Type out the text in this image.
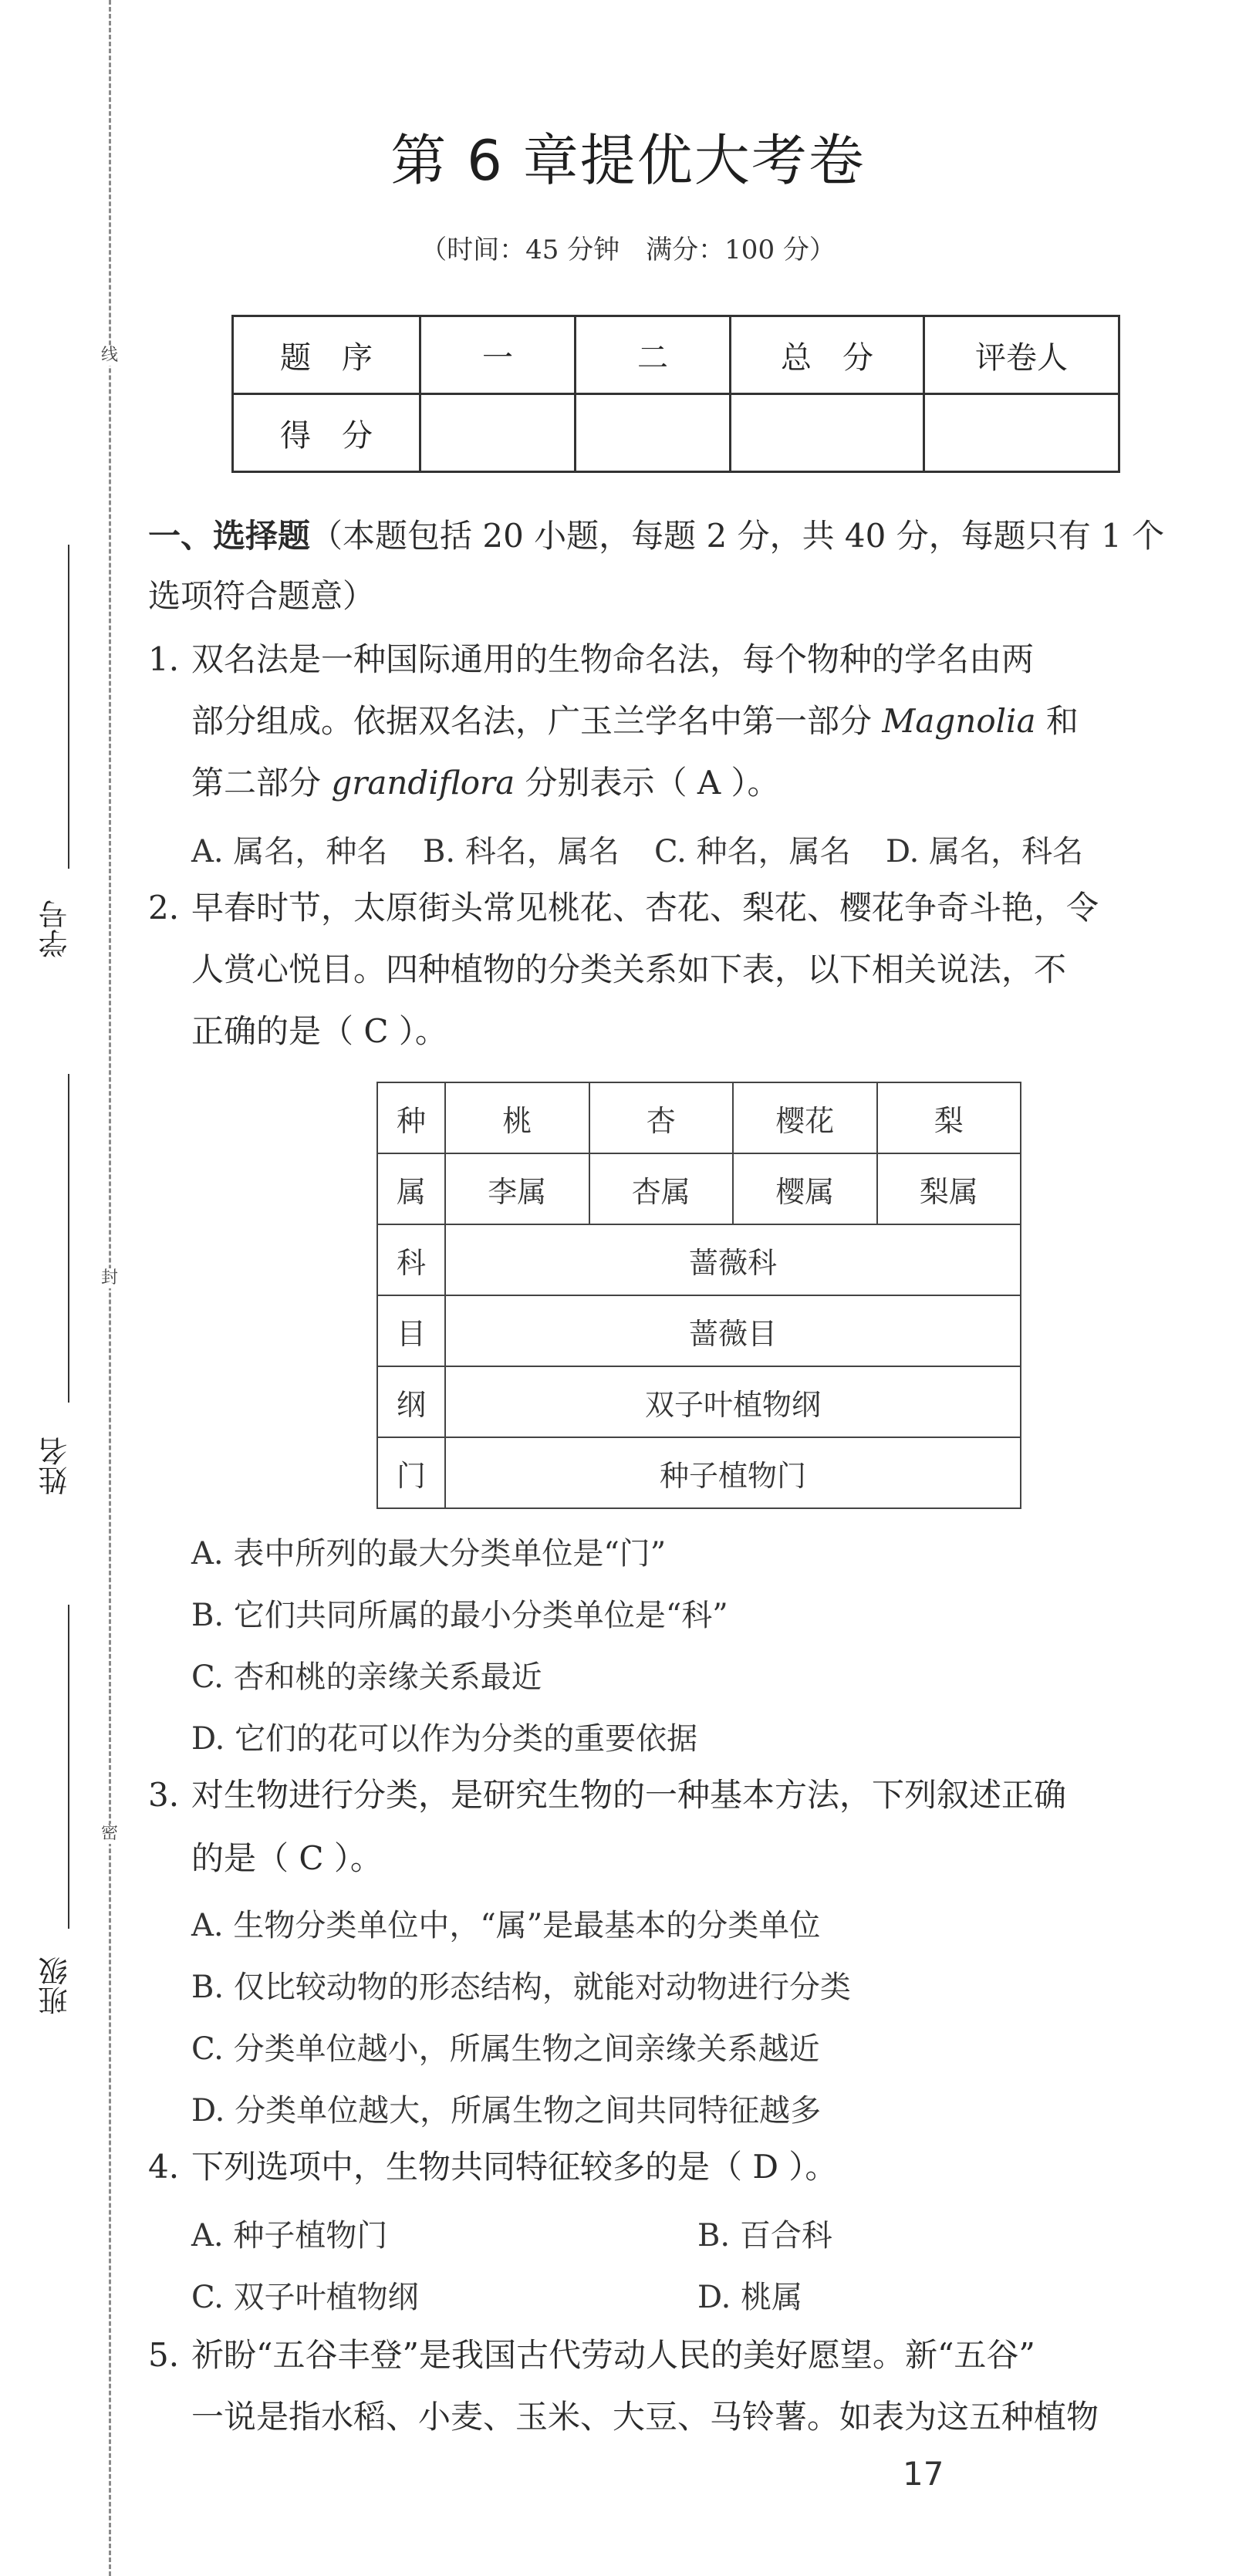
线
封
密
学号
姓名
班级
第 6 章提优大考卷
（时间：45 分钟　满分：100 分）
题　序	一	二	总　分	评卷人
得　分				
一、选择题（本题包括 20 小题，每题 2 分，共 40 分，每题只有 1 个
选项符合题意）
1. 双名法是一种国际通用的生物命名法，每个物种的学名由两
部分组成。依据双名法，广玉兰学名中第一部分 Magnolia 和
第二部分 grandiflora 分别表示（ A ）。
A. 属名，种名 B. 科名，属名 C. 种名，属名 D. 属名，科名
2. 早春时节，太原街头常见桃花、杏花、梨花、樱花争奇斗艳，令
人赏心悦目。四种植物的分类关系如下表，以下相关说法，不
正确的是（ C ）。
种	桃	杏	樱花	梨
属	李属	杏属	樱属	梨属
科	蔷薇科			
目	蔷薇目			
纲	双子叶植物纲			
门	种子植物门			
A. 表中所列的最大分类单位是“门”
B. 它们共同所属的最小分类单位是“科”
C. 杏和桃的亲缘关系最近
D. 它们的花可以作为分类的重要依据
3. 对生物进行分类，是研究生物的一种基本方法，下列叙述正确
的是（ C ）。
A. 生物分类单位中，“属”是最基本的分类单位
B. 仅比较动物的形态结构，就能对动物进行分类
C. 分类单位越小，所属生物之间亲缘关系越近
D. 分类单位越大，所属生物之间共同特征越多
4. 下列选项中，生物共同特征较多的是（ D ）。
A. 种子植物门	B. 百合科
C. 双子叶植物纲	D. 桃属
5. 祈盼“五谷丰登”是我国古代劳动人民的美好愿望。新“五谷”
一说是指水稻、小麦、玉米、大豆、马铃薯。如表为这五种植物
17
